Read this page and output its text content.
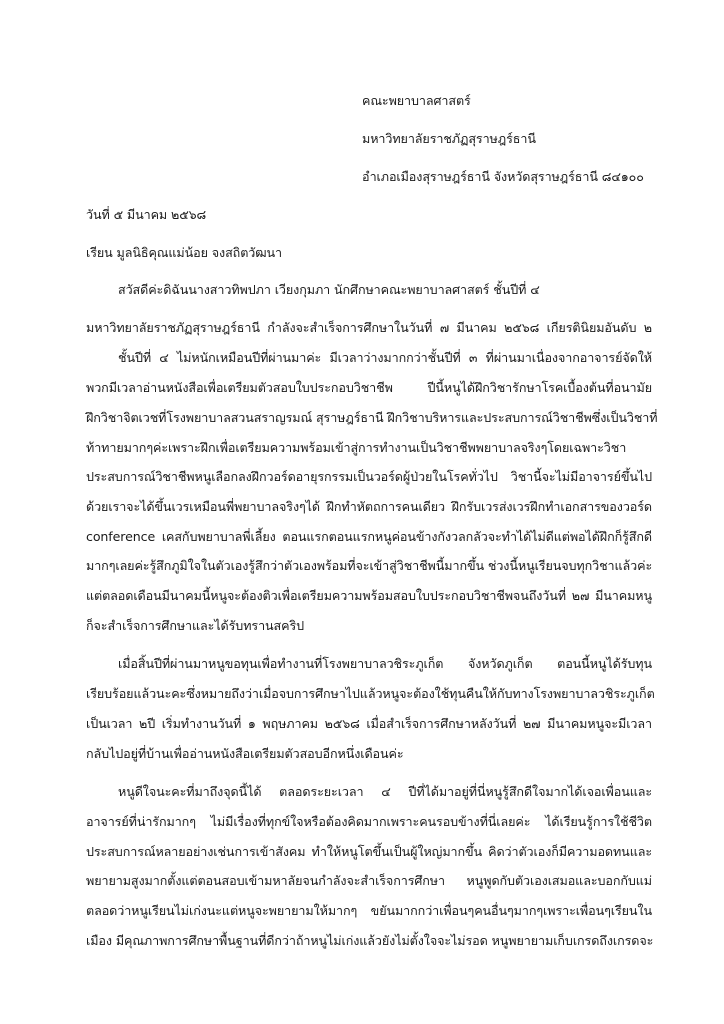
คณะพยาบาลศาสตร์
มหาวิทยาลัยราชภัฏสุราษฎร์ธานี
อำเภอเมืองสุราษฎร์ธานี จังหวัดสุราษฎร์ธานี ๘๔๑๐๐
วันที่ ๕ มีนาคม ๒๕๖๘
เรียน มูลนิธิคุณแม่น้อย จงสถิตวัฒนา
สวัสดีค่ะดิฉันนางสาวทิพปภา เวียงกุมภา นักศึกษาคณะพยาบาลศาสตร์ ชั้นปีที่ ๔
มหาวิทยาลัยราชภัฏสุราษฎร์ธานี กำลังจะสำเร็จการศึกษาในวันที่ ๗ มีนาคม ๒๕๖๘ เกียรตินิยมอันดับ ๒
ชั้นปีที่ ๔ ไม่หนักเหมือนปีที่ผ่านมาค่ะ มีเวลาว่างมากกว่าชั้นปีที่ ๓ ที่ผ่านมาเนื่องจากอาจารย์จัดให้
พวกมีเวลาอ่านหนังสือเพื่อเตรียมตัวสอบใบประกอบวิชาชีพ ปีนี้หนูได้ฝึกวิชารักษาโรคเบื้องต้นที่อนามัย
ฝึกวิชาจิตเวชที่โรงพยาบาลสวนสราญรมณ์ สุราษฎร์ธานี ฝึกวิชาบริหารและประสบการณ์วิชาชีพซึ่งเป็นวิชาที่
ท้าทายมากๆค่ะเพราะฝึกเพื่อเตรียมความพร้อมเข้าสู่การทำงานเป็นวิชาชีพพยาบาลจริงๆโดยเฉพาะวิชา
ประสบการณ์วิชาชีพหนูเลือกลงฝึกวอร์ดอายุรกรรมเป็นวอร์ดผู้ป่วยในโรคทั่วไป วิชานี้จะไม่มีอาจารย์ขึ้นไป
ด้วยเราจะได้ขึ้นเวรเหมือนพี่พยาบาลจริงๆได้ ฝึกทำหัตถการคนเดียว ฝึกรับเวรส่งเวรฝึกทำเอกสารของวอร์ด
conference เคสกับพยาบาลพี่เลี้ยง ตอนแรกตอนแรกหนูค่อนข้างกังวลกลัวจะทำได้ไม่ดีแต่พอได้ฝึกก็รู้สึกดี
มากๆเลยค่ะรู้สึกภูมิใจในตัวเองรู้สึกว่าตัวเองพร้อมที่จะเข้าสู่วิชาชีพนี้มากขึ้น ช่วงนี้หนูเรียนจบทุกวิชาแล้วค่ะ
แต่ตลอดเดือนมีนาคมนี้หนูจะต้องติวเพื่อเตรียมความพร้อมสอบใบประกอบวิชาชีพจนถึงวันที่ ๒๗ มีนาคมหนู
ก็จะสำเร็จการศึกษาและได้รับทรานสคริป
เมื่อสิ้นปีที่ผ่านมาหนูขอทุนเพื่อทำงานที่โรงพยาบาลวชิระภูเก็ต จังหวัดภูเก็ต ตอนนี้หนูได้รับทุน
เรียบร้อยแล้วนะคะซึ่งหมายถึงว่าเมื่อจบการศึกษาไปแล้วหนูจะต้องใช้ทุนคืนให้กับทางโรงพยาบาลวชิระภูเก็ต
เป็นเวลา ๒ปี เริ่มทำงานวันที่ ๑ พฤษภาคม ๒๕๖๘ เมื่อสำเร็จการศึกษาหลังวันที่ ๒๗ มีนาคมหนูจะมีเวลา
กลับไปอยู่ที่บ้านเพื่ออ่านหนังสือเตรียมตัวสอบอีกหนึ่งเดือนค่ะ
หนูดีใจนะคะที่มาถึงจุดนี้ได้ ตลอดระยะเวลา ๔ ปีที่ได้มาอยู่ที่นี่หนูรู้สึกดีใจมากได้เจอเพื่อนและ
อาจารย์ที่น่ารักมากๆ ไม่มีเรื่องที่ทุกข์ใจหรือต้องคิดมากเพราะคนรอบข้างที่นี่เลยค่ะ ได้เรียนรู้การใช้ชีวิต
ประสบการณ์หลายอย่างเช่นการเข้าสังคม ทำให้หนูโตขึ้นเป็นผู้ใหญ่มากขึ้น คิดว่าตัวเองก็มีความอดทนและ
พยายามสูงมากตั้งแต่ตอนสอบเข้ามหาลัยจนกำลังจะสำเร็จการศึกษา หนูพูดกับตัวเองเสมอและบอกกับแม่
ตลอดว่าหนูเรียนไม่เก่งนะแต่หนูจะพยายามให้มากๆ ขยันมากกว่าเพื่อนๆคนอื่นๆมากๆเพราะเพื่อนๆเรียนใน
เมือง มีคุณภาพการศึกษาพื้นฐานที่ดีกว่าถ้าหนูไม่เก่งแล้วยังไม่ตั้งใจจะไม่รอด หนูพยายามเก็บเกรดถึงเกรดจะ
